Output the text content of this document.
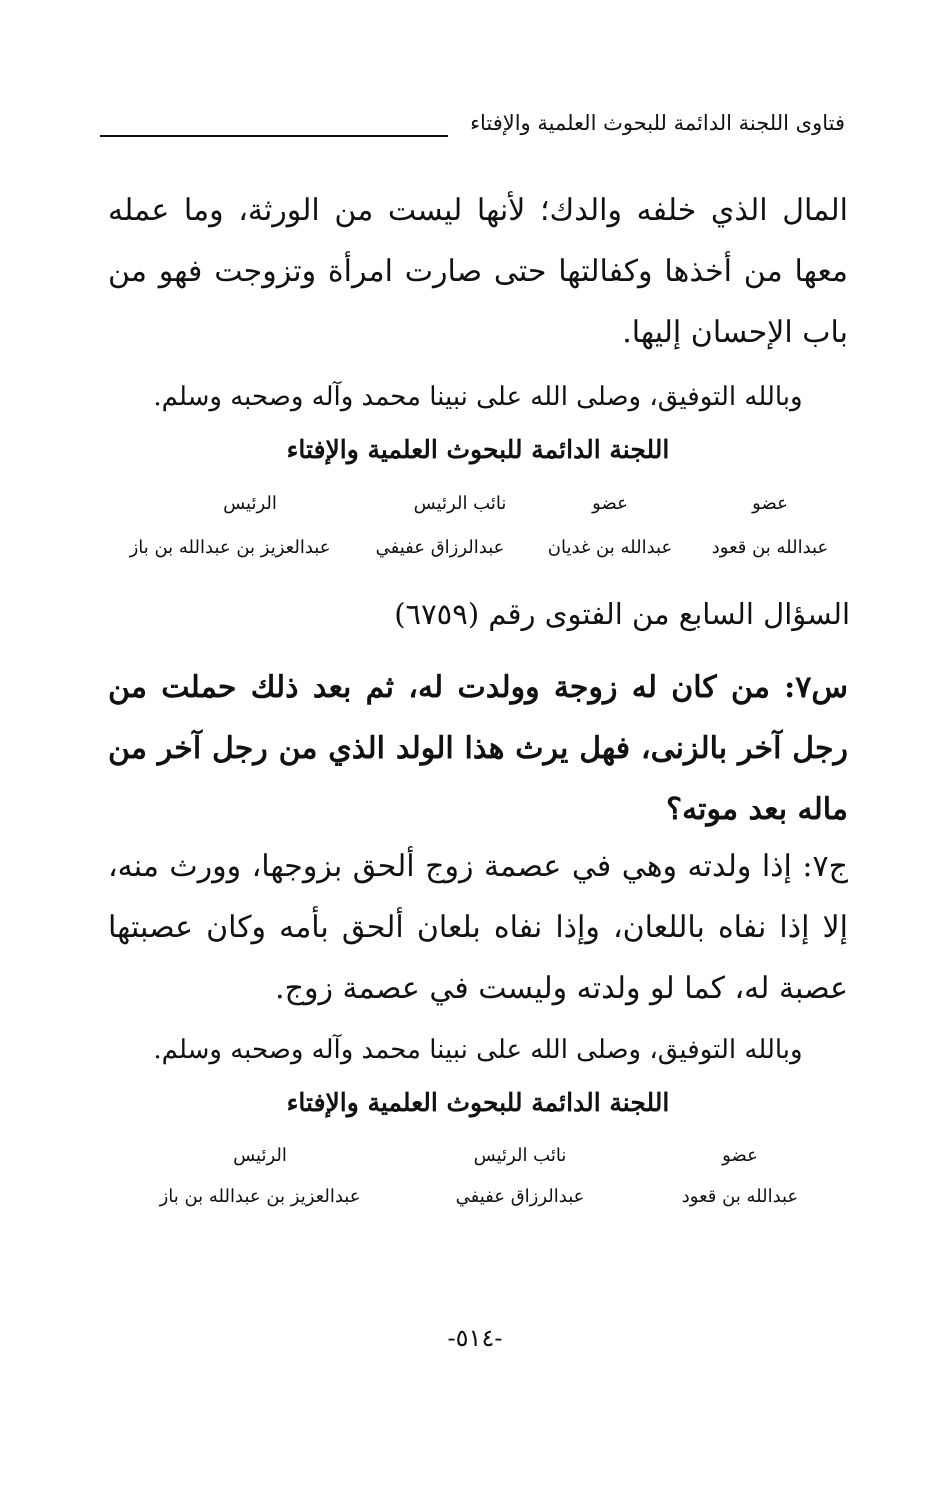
فتاوى اللجنة الدائمة للبحوث العلمية والإفتاء
المال الذي خلفه والدك؛ لأنها ليست من الورثة، وما عمله معها من أخذها وكفالتها حتى صارت امرأة وتزوجت فهو من باب الإحسان إليها.
وبالله التوفيق، وصلى الله على نبينا محمد وآله وصحبه وسلم.
اللجنة الدائمة للبحوث العلمية والإفتاء
عضو
عبدالله بن قعود
عضو
عبدالله بن غديان
نائب الرئيس
عبدالرزاق عفيفي
الرئيس
عبدالعزيز بن عبدالله بن باز
السؤال السابع من الفتوى رقم (٦٧٥٩)
س٧: من كان له زوجة وولدت له، ثم بعد ذلك حملت من رجل آخر بالزنى، فهل يرث هذا الولد الذي من رجل آخر من ماله بعد موته؟
ج٧: إذا ولدته وهي في عصمة زوج ألحق بزوجها، وورث منه، إلا إذا نفاه باللعان، وإذا نفاه بلعان ألحق بأمه وكان عصبتها عصبة له، كما لو ولدته وليست في عصمة زوج.
وبالله التوفيق، وصلى الله على نبينا محمد وآله وصحبه وسلم.
اللجنة الدائمة للبحوث العلمية والإفتاء
عضو
عبدالله بن قعود
نائب الرئيس
عبدالرزاق عفيفي
الرئيس
عبدالعزيز بن عبدالله بن باز
-٥١٤-
